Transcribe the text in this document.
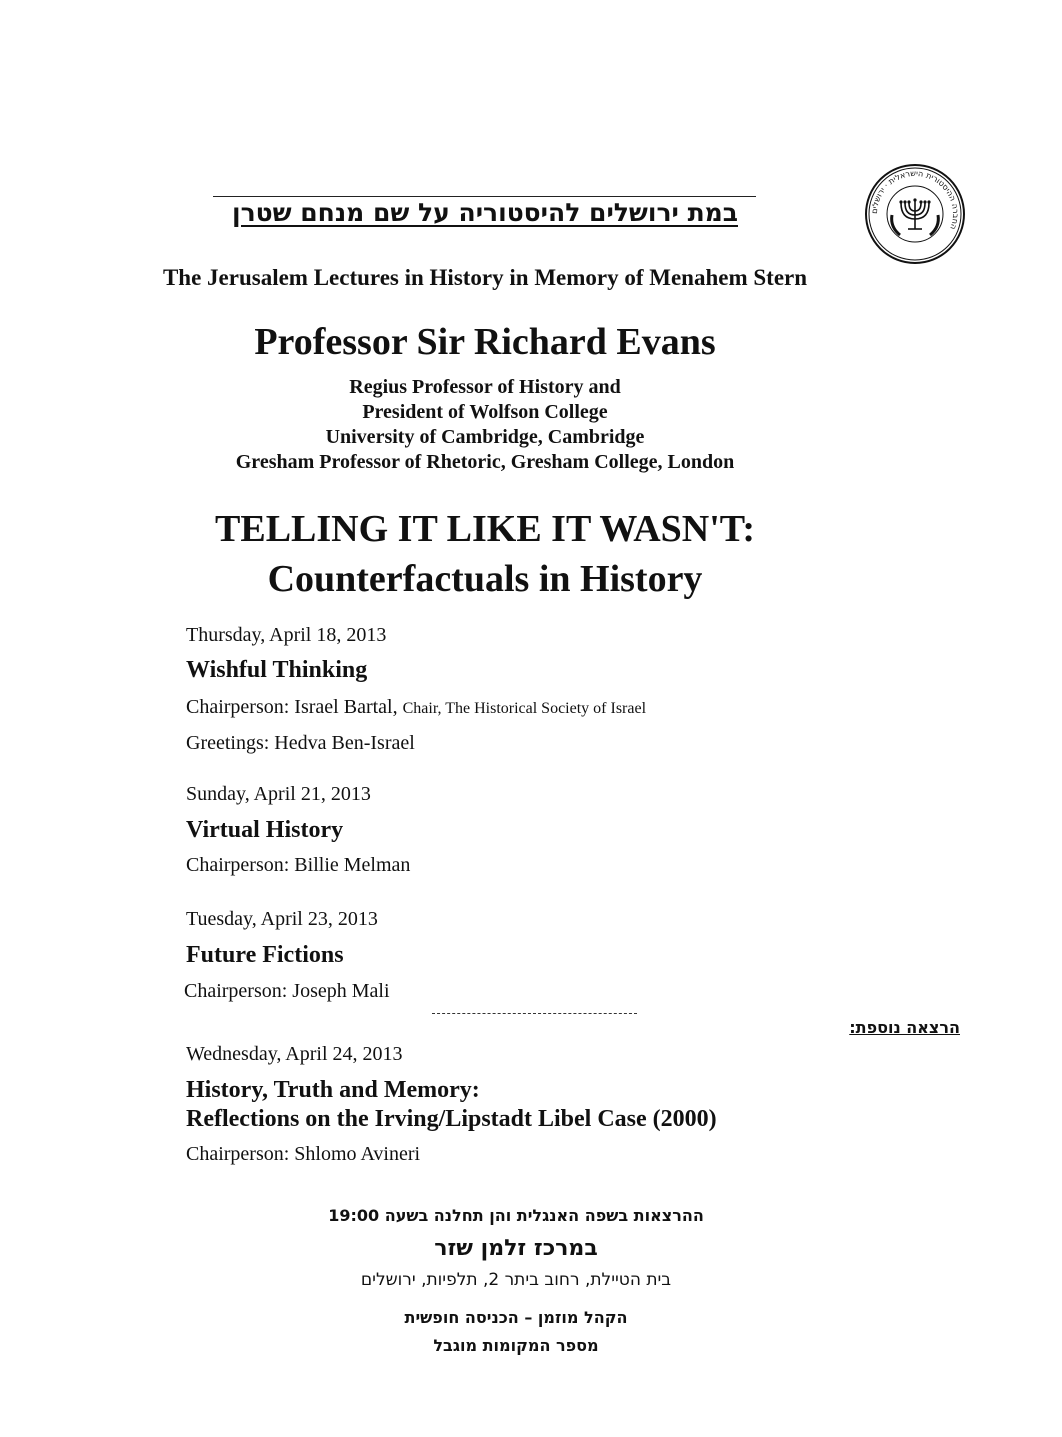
במת ירושלים להיסטוריה על שם מנחם שטרן	החברה ההיסטורית הישראלית · ירושלים
The Jerusalem Lectures in History in Memory of Menahem Stern
Professor Sir Richard Evans
Regius Professor of History and
President of Wolfson College
University of Cambridge, Cambridge
Gresham Professor of Rhetoric, Gresham College, London
TELLING IT LIKE IT WASN'T:
Counterfactuals in History
Thursday, April 18, 2013
Wishful Thinking
Chairperson: Israel Bartal, Chair, The Historical Society of Israel
Greetings: Hedva Ben-Israel
Sunday, April 21, 2013
Virtual History
Chairperson: Billie Melman
Tuesday, April 23, 2013
Future Fictions
Chairperson: Joseph Mali
הרצאה נוספת:
Wednesday, April 24, 2013
History, Truth and Memory:
Reflections on the Irving/Lipstadt Libel Case (2000)
Chairperson: Shlomo Avineri
ההרצאות בשפה האנגלית והן תחלנה בשעה 19:00
במרכז זלמן שזר
בית הטיילת, רחוב ביתר 2, תלפיות, ירושלים
הקהל מוזמן – הכניסה חופשית
מספר המקומות מוגבל
